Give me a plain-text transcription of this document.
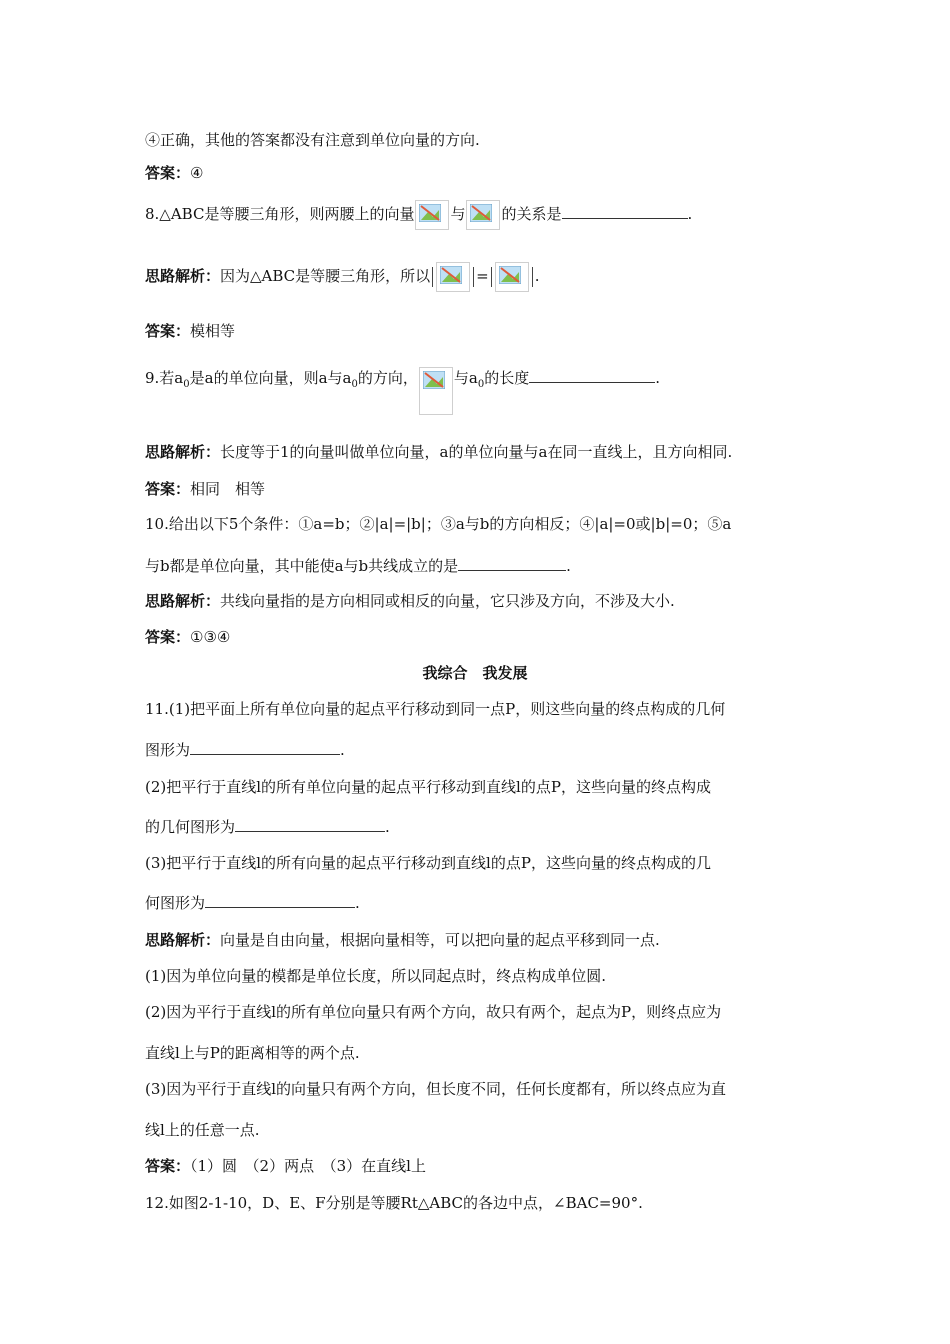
④正确，其他的答案都没有注意到单位向量的方向.
答案：④
8.△ABC是等腰三角形，则两腰上的向量 与 的关系是	.
思路解析：因为△ABC是等腰三角形，所以	=	.
答案：模相等
9.若$a_0$是a的单位向量，则a与$a_0$的方向， 与$a_0$的长度	.
思路解析：长度等于1的向量叫做单位向量，a的单位向量与a在同一直线上，且方向相同.
答案：相同　相等
10.给出以下5个条件：①a=b；②|a|=|b|；③a与b的方向相反；④|a|=0或|b|=0；⑤a
与b都是单位向量，其中能使a与b共线成立的是	.
思路解析：共线向量指的是方向相同或相反的向量，它只涉及方向，不涉及大小.
答案：①③④
我综合　我发展
11.(1)把平面上所有单位向量的起点平行移动到同一点P，则这些向量的终点构成的几何
图形为	.
(2)把平行于直线l的所有单位向量的起点平行移动到直线l的点P，这些向量的终点构成
的几何图形为	.
(3)把平行于直线l的所有向量的起点平行移动到直线l的点P，这些向量的终点构成的几
何图形为	.
思路解析：向量是自由向量，根据向量相等，可以把向量的起点平移到同一点.
(1)因为单位向量的模都是单位长度，所以同起点时，终点构成单位圆.
(2)因为平行于直线l的所有单位向量只有两个方向，故只有两个，起点为P，则终点应为
直线l上与P的距离相等的两个点.
(3)因为平行于直线l的向量只有两个方向，但长度不同，任何长度都有，所以终点应为直
线l上的任意一点.
答案：（1）圆　（2）两点　（3）在直线l上
12.如图2-1-10，D、E、F分别是等腰Rt△ABC的各边中点，∠BAC=90°.
